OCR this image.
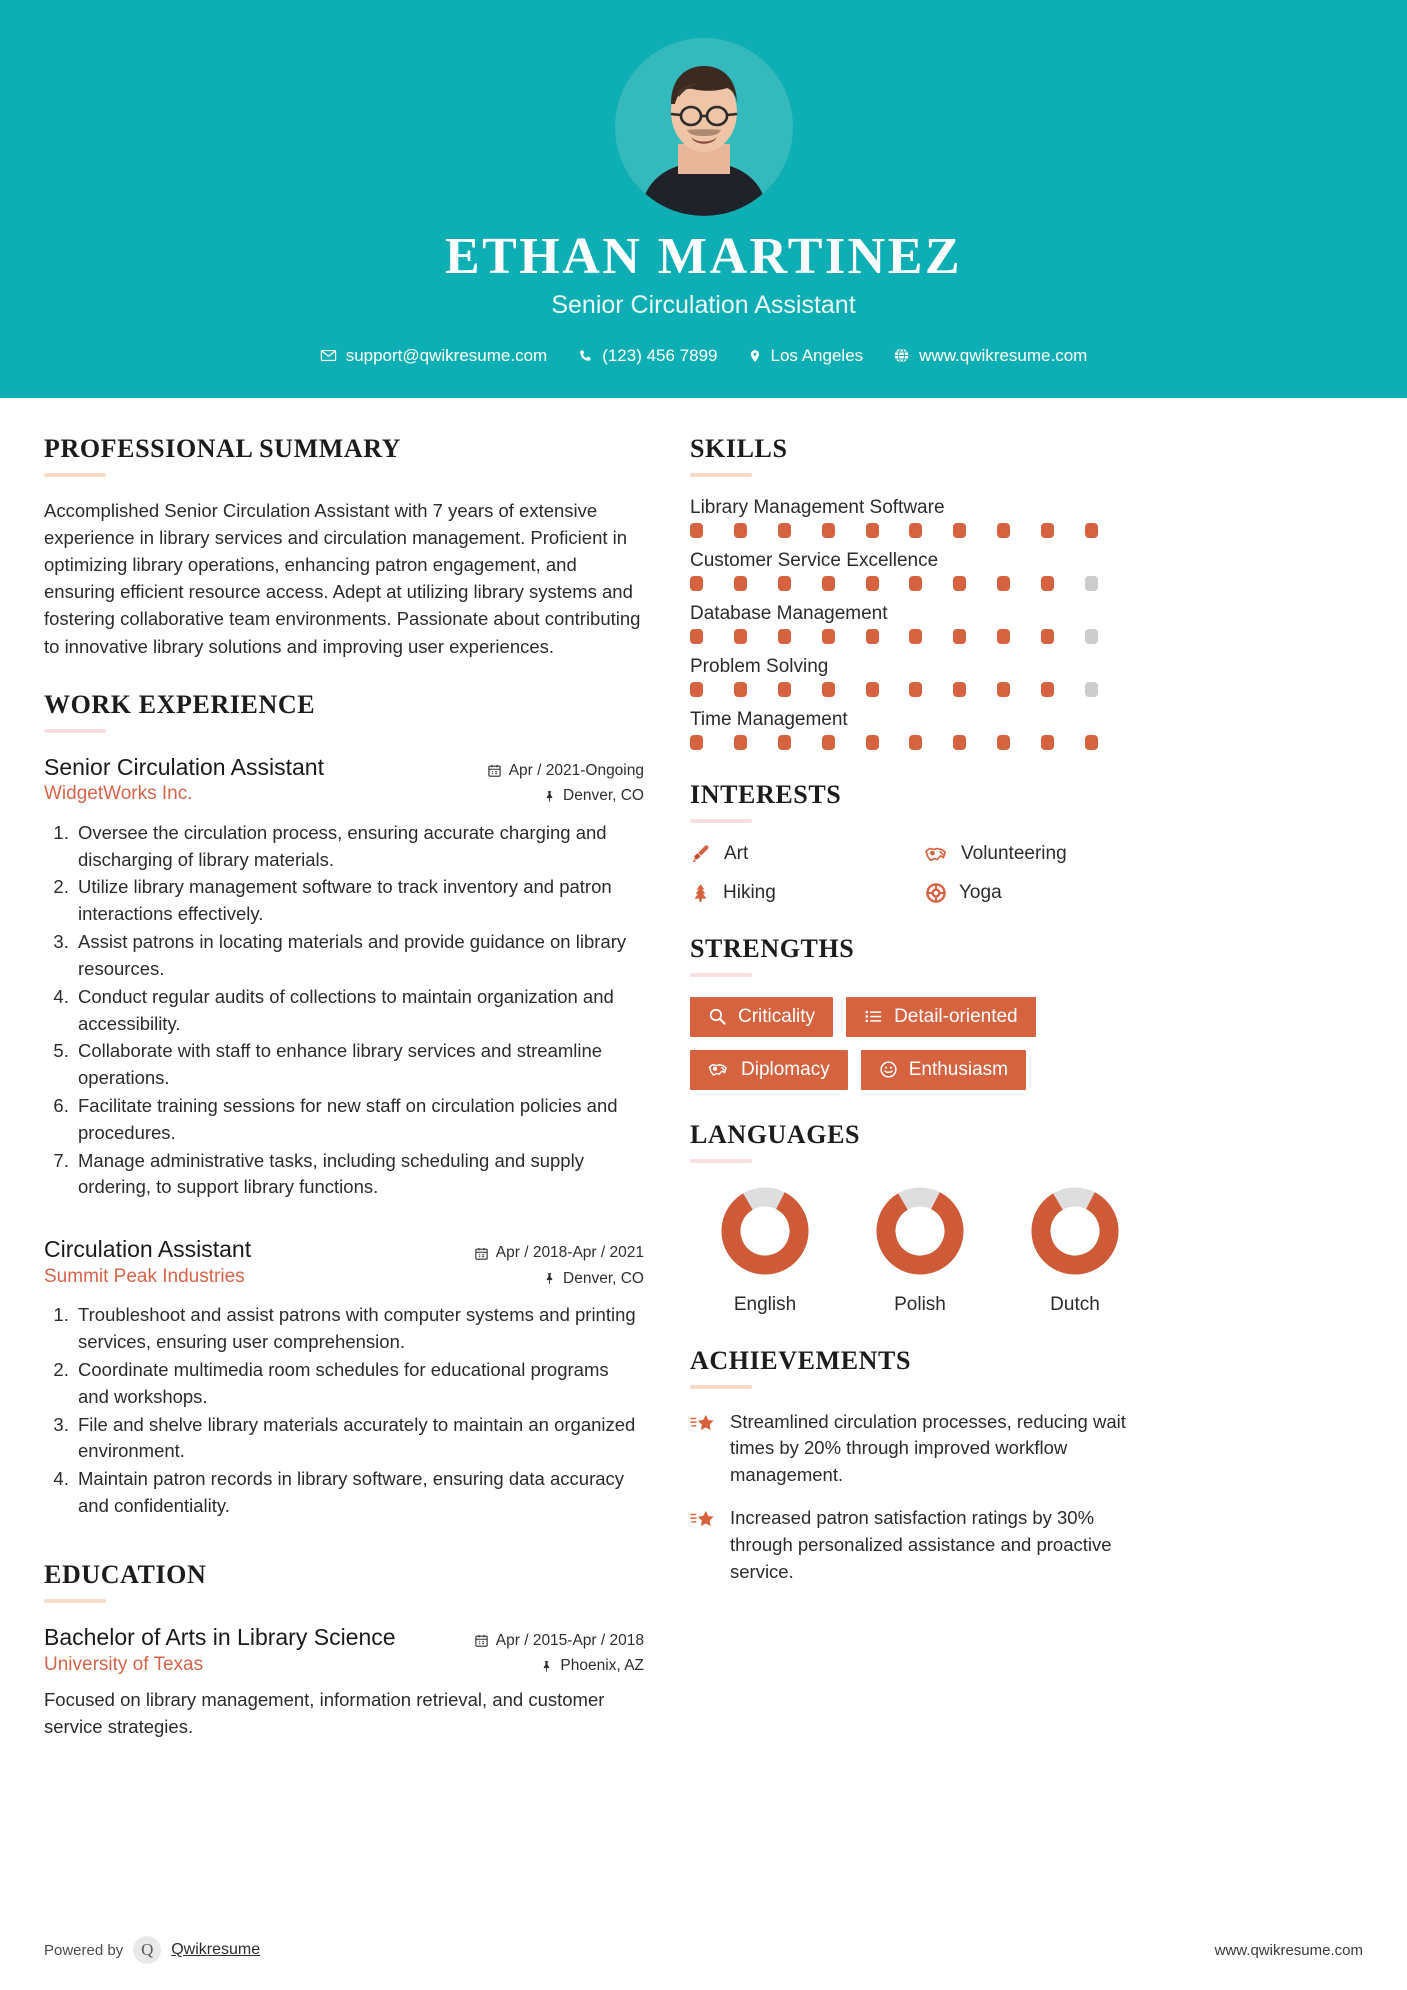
ETHAN MARTINEZ
Senior Circulation Assistant
support@qwikresume.com	(123) 456 7899	Los Angeles	www.qwikresume.com
PROFESSIONAL SUMMARY
Accomplished Senior Circulation Assistant with 7 years of extensive experience in library services and circulation management. Proficient in optimizing library operations, enhancing patron engagement, and ensuring efficient resource access. Adept at utilizing library systems and fostering collaborative team environments. Passionate about contributing to innovative library solutions and improving user experiences.
WORK EXPERIENCE
Senior Circulation Assistant
WidgetWorks Inc.
Apr / 2021-Ongoing
Denver, CO
1. Oversee the circulation process, ensuring accurate charging and discharging of library materials.
2. Utilize library management software to track inventory and patron interactions effectively.
3. Assist patrons in locating materials and provide guidance on library resources.
4. Conduct regular audits of collections to maintain organization and accessibility.
5. Collaborate with staff to enhance library services and streamline operations.
6. Facilitate training sessions for new staff on circulation policies and procedures.
7. Manage administrative tasks, including scheduling and supply ordering, to support library functions.
Circulation Assistant
Summit Peak Industries
Apr / 2018-Apr / 2021
Denver, CO
1. Troubleshoot and assist patrons with computer systems and printing services, ensuring user comprehension.
2. Coordinate multimedia room schedules for educational programs and workshops.
3. File and shelve library materials accurately to maintain an organized environment.
4. Maintain patron records in library software, ensuring data accuracy and confidentiality.
EDUCATION
Bachelor of Arts in Library Science
University of Texas
Apr / 2015-Apr / 2018
Phoenix, AZ
Focused on library management, information retrieval, and customer service strategies.
SKILLS
Library Management Software
Customer Service Excellence
Database Management
Problem Solving
Time Management
INTERESTS
Art	Volunteering
Hiking	Yoga
STRENGTHS
Criticality	Detail-oriented
Diplomacy	Enthusiasm
LANGUAGES
English	Polish	Dutch
ACHIEVEMENTS
Streamlined circulation processes, reducing wait times by 20% through improved workflow management.
Increased patron satisfaction ratings by 30% through personalized assistance and proactive service.
Powered by	Q	Qwikresume	www.qwikresume.com
